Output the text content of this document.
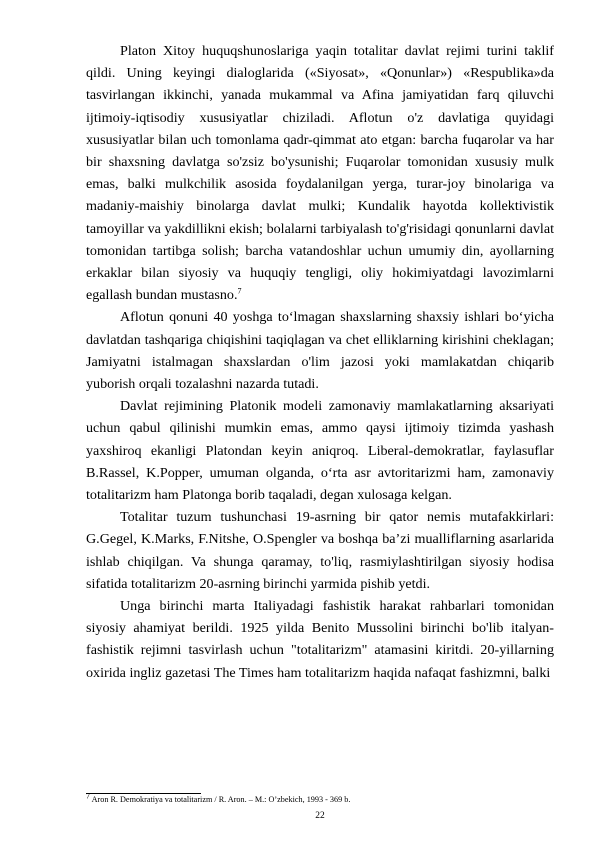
Platon Xitoy huquqshunoslariga yaqin totalitar davlat rejimi turini taklif qildi. Uning keyingi dialoglarida («Siyosat», «Qonunlar») «Respublika»da tasvirlangan ikkinchi, yanada mukammal va Afina jamiyatidan farq qiluvchi ijtimoiy-iqtisodiy xususiyatlar chiziladi. Aflotun o'z davlatiga quyidagi xususiyatlar bilan uch tomonlama qadr-qimmat ato etgan: barcha fuqarolar va har bir shaxsning davlatga so'zsiz bo'ysunishi; Fuqarolar tomonidan xususiy mulk emas, balki mulkchilik asosida foydalanilgan yerga, turar-joy binolariga va madaniy-maishiy binolarga davlat mulki; Kundalik hayotda kollektivistik tamoyillar va yakdillikni ekish; bolalarni tarbiyalash to'g'risidagi qonunlarni davlat tomonidan tartibga solish; barcha vatandoshlar uchun umumiy din, ayollarning erkaklar bilan siyosiy va huquqiy tengligi, oliy hokimiyatdagi lavozimlarni egallash bundan mustasno.$^7$

Aflotun qonuni 40 yoshga to‘lmagan shaxslarning shaxsiy ishlari bo‘yicha davlatdan tashqariga chiqishini taqiqlagan va chet elliklarning kirishini cheklagan; Jamiyatni istalmagan shaxslardan o'lim jazosi yoki mamlakatdan chiqarib yuborish orqali tozalashni nazarda tutadi.

Davlat rejimining Platonik modeli zamonaviy mamlakatlarning aksariyati uchun qabul qilinishi mumkin emas, ammo qaysi ijtimoiy tizimda yashash yaxshiroq ekanligi Platondan keyin aniqroq. Liberal-demokratlar, faylasuflar B.Rassel, K.Popper, umuman olganda, o‘rta asr avtoritarizmi ham, zamonaviy totalitarizm ham Platonga borib taqaladi, degan xulosaga kelgan.

Totalitar tuzum tushunchasi 19-asrning bir qator nemis mutafakkirlari: G.Gegel, K.Marks, F.Nitshe, O.Spengler va boshqa ba’zi mualliflarning asarlarida ishlab chiqilgan. Va shunga qaramay, to'liq, rasmiylashtirilgan siyosiy hodisa sifatida totalitarizm 20-asrning birinchi yarmida pishib yetdi.

Unga birinchi marta Italiyadagi fashistik harakat rahbarlari tomonidan siyosiy ahamiyat berildi. 1925 yilda Benito Mussolini birinchi bo'lib italyan-fashistik rejimni tasvirlash uchun "totalitarizm" atamasini kiritdi. 20-yillarning oxirida ingliz gazetasi The Times ham totalitarizm haqida nafaqat fashizmni, balki

$^7$ Aron R. Demokratiya va totalitarizm / R. Aron. – M.: O’zbekich, 1993 - 369 b.
22
